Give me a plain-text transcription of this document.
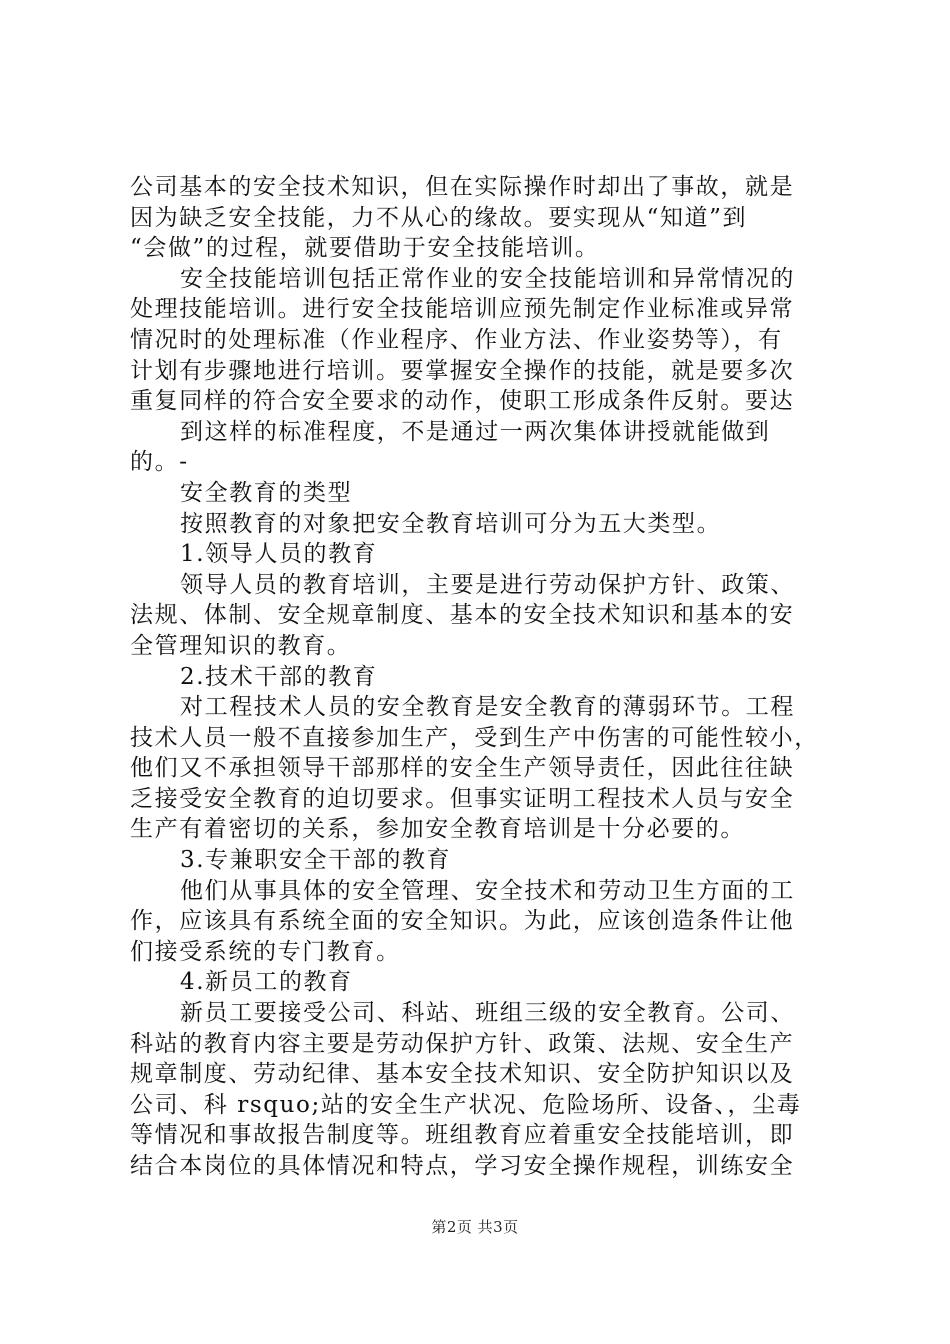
公司基本的安全技术知识，但在实际操作时却出了事故，就是
因为缺乏安全技能，力不从心的缘故。要实现从“知道”到
“会做”的过程，就要借助于安全技能培训。
安全技能培训包括正常作业的安全技能培训和异常情况的
处理技能培训。进行安全技能培训应预先制定作业标准或异常
情况时的处理标准（作业程序、作业方法、作业姿势等），有
计划有步骤地进行培训。要掌握安全操作的技能，就是要多次
重复同样的符合安全要求的动作，使职工形成条件反射。要达
到这样的标准程度，不是通过一两次集体讲授就能做到
的。-
安全教育的类型
按照教育的对象把安全教育培训可分为五大类型。
1.领导人员的教育
领导人员的教育培训，主要是进行劳动保护方针、政策、
法规、体制、安全规章制度、基本的安全技术知识和基本的安
全管理知识的教育。
2.技术干部的教育
对工程技术人员的安全教育是安全教育的薄弱环节。工程
技术人员一般不直接参加生产，受到生产中伤害的可能性较小，
他们又不承担领导干部那样的安全生产领导责任，因此往往缺
乏接受安全教育的迫切要求。但事实证明工程技术人员与安全
生产有着密切的关系，参加安全教育培训是十分必要的。
3.专兼职安全干部的教育
他们从事具体的安全管理、安全技术和劳动卫生方面的工
作，应该具有系统全面的安全知识。为此，应该创造条件让他
们接受系统的专门教育。
4.新员工的教育
新员工要接受公司、科站、班组三级的安全教育。公司、
科站的教育内容主要是劳动保护方针、政策、法规、安全生产
规章制度、劳动纪律、基本安全技术知识、安全防护知识以及
公司、科 rsquo;站的安全生产状况、危险场所、设备、，尘毒
等情况和事故报告制度等。班组教育应着重安全技能培训，即
结合本岗位的具体情况和特点，学习安全操作规程，训练安全
第2页 共3页
